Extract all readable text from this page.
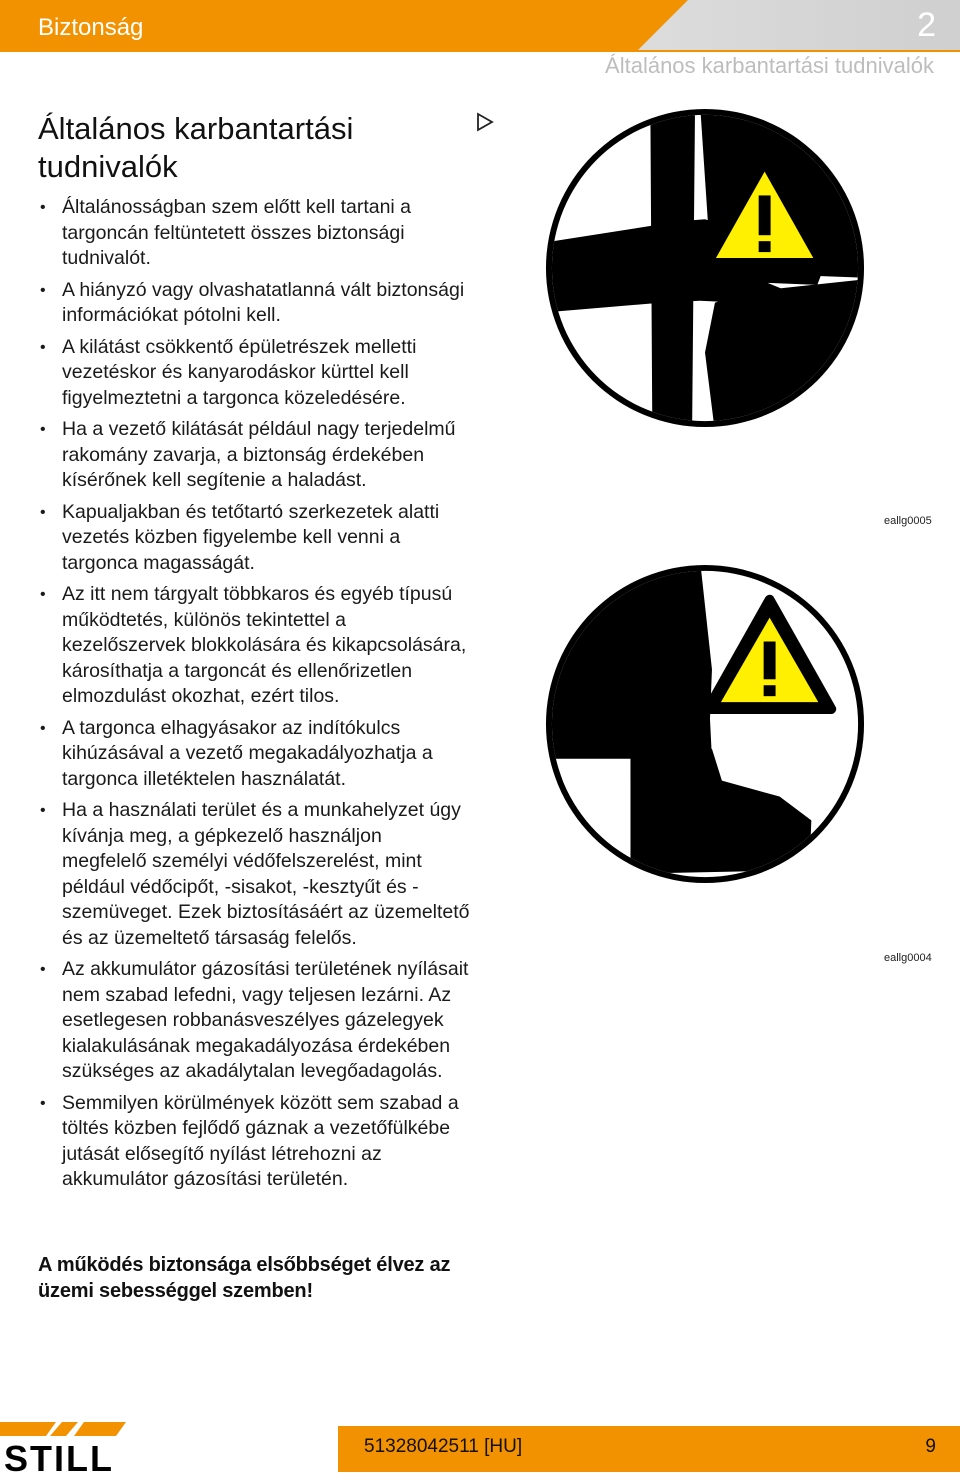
Biztonság	2
Általános karbantartási tudnivalók
Általános karbantartási tudnivalók
• Általánosságban szem előtt kell tartani a targoncán feltüntetett összes biztonsági tudnivalót.
• A hiányzó vagy olvashatatlanná vált biztonsági információkat pótolni kell.
• A kilátást csökkentő épületrészek melletti vezetéskor és kanyarodáskor kürttel kell figyelmeztetni a targonca közeledésére.
• Ha a vezető kilátását például nagy terjedelmű rakomány zavarja, a biztonság érdekében kísérőnek kell segítenie a haladást.
• Kapualjakban és tetőtartó szerkezetek alatti vezetés közben figyelembe kell venni a targonca magasságát.
• Az itt nem tárgyalt többkaros és egyéb típusú működtetés, különös tekintettel a kezelőszervek blokkolására és kikapcsolására, károsíthatja a targoncát és ellenőrizetlen elmozdulást okozhat, ezért tilos.
• A targonca elhagyásakor az indítókulcs kihúzásával a vezető megakadályozhatja a targonca illetéktelen használatát.
• Ha a használati terület és a munkahelyzet úgy kívánja meg, a gépkezelő használjon megfelelő személyi védőfelszerelést, mint például védőcipőt, -sisakot, -kesztyűt és -szemüveget. Ezek biztosításáért az üzemeltető és az üzemeltető társaság felelős.
• Az akkumulátor gázosítási területének nyílásait nem szabad lefedni, vagy teljesen lezárni. Az esetlegesen robbanásveszélyes gázelegyek kialakulásának megakadályozása érdekében szükséges az akadálytalan levegőadagolás.
• Semmilyen körülmények között sem szabad a töltés közben fejlődő gáznak a vezetőfülkébe jutását elősegítő nyílást létrehozni az akkumulátor gázosítási területén.

A működés biztonsága elsőbbséget élvez az üzemi sebességgel szemben!

eallg0005
eallg0004
STILL	51328042511 [HU]	9
